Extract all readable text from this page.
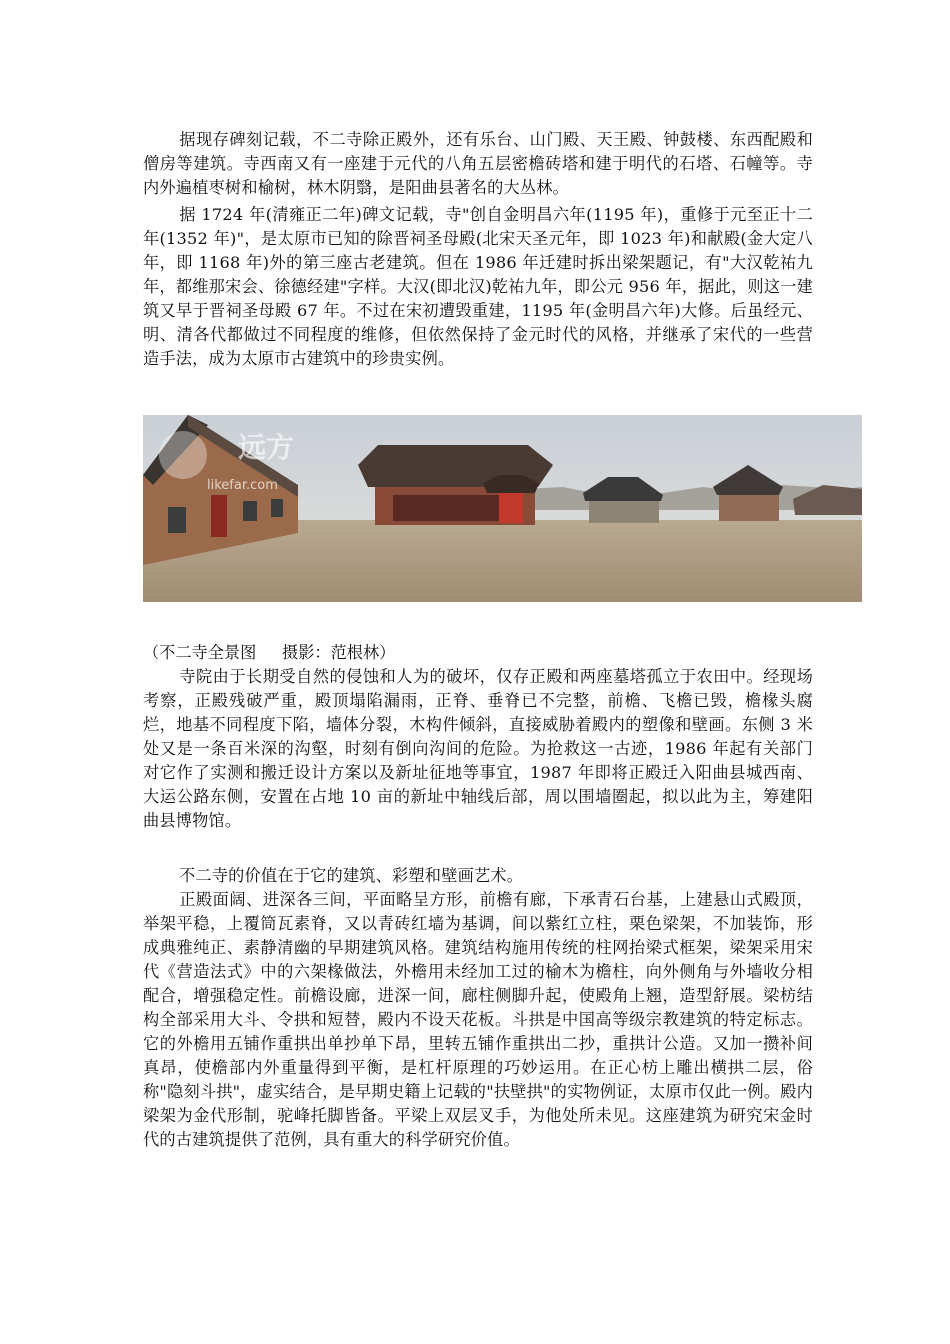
据现存碑刻记载，不二寺除正殿外，还有乐台、山门殿、天王殿、钟鼓楼、东西配殿和僧房等建筑。寺西南又有一座建于元代的八角五层密檐砖塔和建于明代的石塔、石幢等。寺内外遍植枣树和榆树，林木阴翳，是阳曲县著名的大丛林。

据 1724 年(清雍正二年)碑文记载，寺"创自金明昌六年(1195 年)，重修于元至正十二年(1352 年)"，是太原市已知的除晋祠圣母殿(北宋天圣元年，即 1023 年)和献殿(金大定八年，即 1168 年)外的第三座古老建筑。但在 1986 年迁建时拆出梁架题记，有"大汉乾祐九年，都维那宋会、徐德经建"字样。大汉(即北汉)乾祐九年，即公元 956 年，据此，则这一建筑又早于晋祠圣母殿 67 年。不过在宋初遭毁重建，1195 年(金明昌六年)大修。后虽经元、明、清各代都做过不同程度的维修，但依然保持了金元时代的风格，并继承了宋代的一些营造手法，成为太原市古建筑中的珍贵实例。

远方
likefar.com
（不二寺全景图     摄影：范根林）

寺院由于长期受自然的侵蚀和人为的破坏，仅存正殿和两座墓塔孤立于农田中。经现场考察，正殿残破严重，殿顶塌陷漏雨，正脊、垂脊已不完整，前檐、飞檐已毁，檐椽头腐烂，地基不同程度下陷，墙体分裂，木构件倾斜，直接威胁着殿内的塑像和壁画。东侧 3 米处又是一条百米深的沟壑，时刻有倒向沟间的危险。为抢救这一古迹，1986 年起有关部门对它作了实测和搬迁设计方案以及新址征地等事宜，1987 年即将正殿迁入阳曲县城西南、大运公路东侧，安置在占地 10 亩的新址中轴线后部，周以围墙圈起，拟以此为主，筹建阳曲县博物馆。

不二寺的价值在于它的建筑、彩塑和壁画艺术。

正殿面阔、进深各三间，平面略呈方形，前檐有廊，下承青石台基，上建悬山式殿顶，举架平稳，上覆筒瓦素脊，又以青砖红墙为基调，间以紫红立柱，栗色梁架，不加装饰，形成典雅纯正、素静清幽的早期建筑风格。建筑结构施用传统的柱网抬梁式框架，梁架采用宋代《营造法式》中的六架椽做法，外檐用未经加工过的榆木为檐柱，向外侧角与外墙收分相配合，增强稳定性。前檐设廊，进深一间，廊柱侧脚升起，使殿角上翘，造型舒展。梁枋结构全部采用大斗、令拱和短替，殿内不设天花板。斗拱是中国高等级宗教建筑的特定标志。它的外檐用五铺作重拱出单抄单下昂，里转五铺作重拱出二抄，重拱计公造。又加一攒补间真昂，使檐部内外重量得到平衡，是杠杆原理的巧妙运用。在正心枋上雕出横拱二层，俗称"隐刻斗拱"，虚实结合，是早期史籍上记载的"扶壁拱"的实物例证，太原市仅此一例。殿内梁架为金代形制，驼峰托脚皆备。平梁上双层叉手，为他处所未见。这座建筑为研究宋金时代的古建筑提供了范例，具有重大的科学研究价值。
